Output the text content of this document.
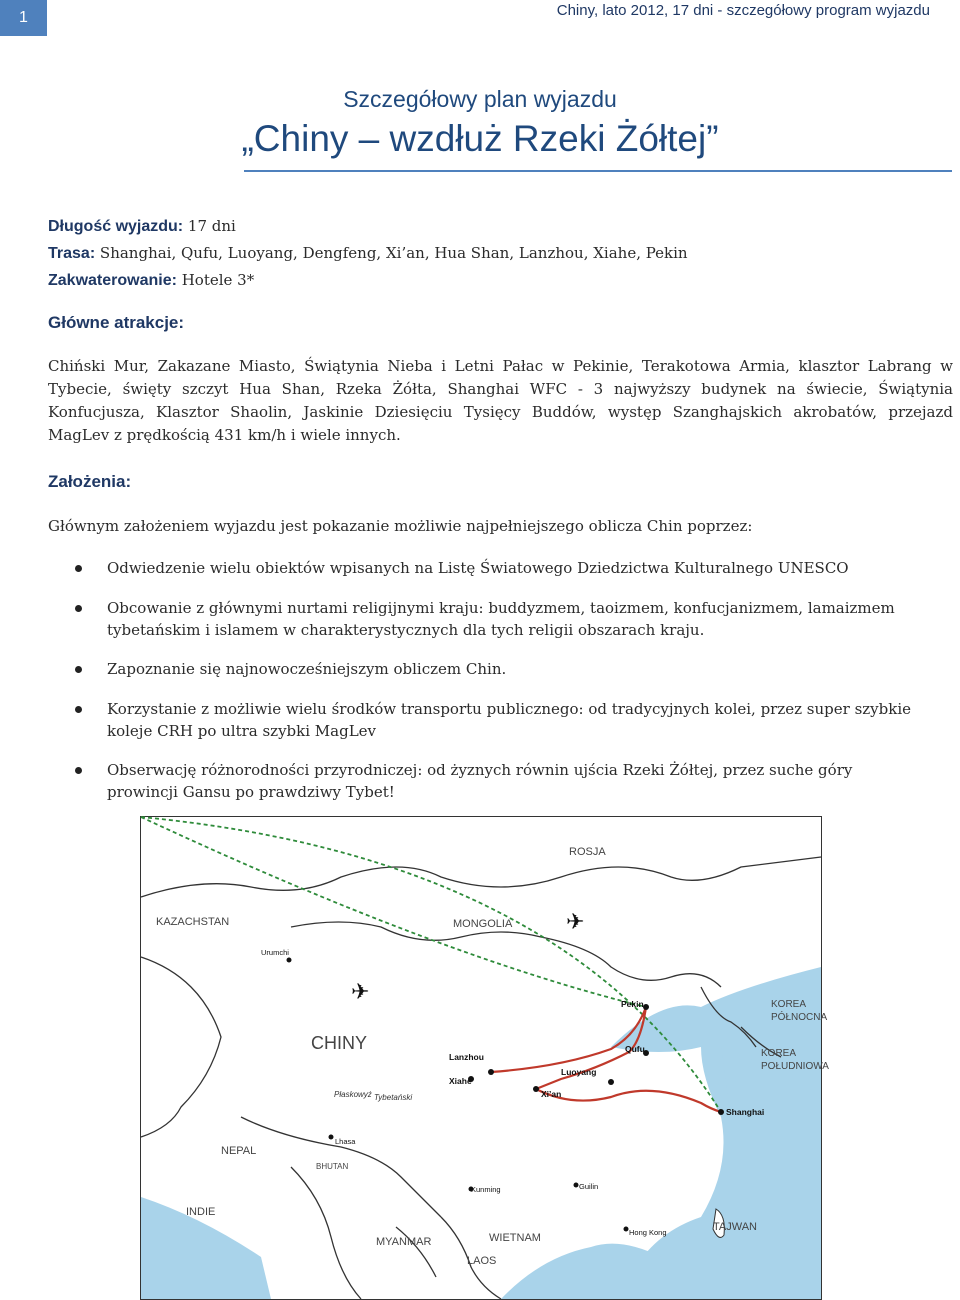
1	Chiny, lato 2012, 17 dni - szczegółowy program wyjazdu
Szczegółowy plan wyjazdu
„Chiny – wzdłuż Rzeki Żółtej”
Długość wyjazdu: 17 dni
Trasa: Shanghai, Qufu, Luoyang, Dengfeng, Xi’an, Hua Shan, Lanzhou, Xiahe, Pekin
Zakwaterowanie: Hotele 3*
Główne atrakcje:
Chiński Mur, Zakazane Miasto, Świątynia Nieba i Letni Pałac w Pekinie, Terakotowa Armia, klasztor Labrang w Tybecie, święty szczyt Hua Shan, Rzeka Żółta, Shanghai WFC - 3 najwyższy budynek na świecie, Świątynia Konfucjusza, Klasztor Shaolin, Jaskinie Dziesięciu Tysięcy Buddów, występ Szanghajskich akrobatów, przejazd MagLev z prędkością 431 km/h i wiele innych.
Założenia:
Głównym założeniem wyjazdu jest pokazanie możliwie najpełniejszego oblicza Chin poprzez:
Odwiedzenie wielu obiektów wpisanych na Listę Światowego Dziedzictwa Kulturalnego UNESCO
Obcowanie z głównymi nurtami religijnymi kraju: buddyzmem, taoizmem, konfucjanizmem, lamaizmem tybetańskim i islamem w charakterystycznych dla tych religii obszarach kraju.
Zapoznanie się najnowocześniejszym obliczem Chin.
Korzystanie z możliwie wielu środków transportu publicznego: od tradycyjnych kolei, przez super szybkie koleje CRH po ultra szybki MagLev
Obserwację różnorodności przyrodniczej: od żyznych równin ujścia Rzeki Żółtej, przez suche góry prowincji Gansu po prawdziwy Tybet!
✈
✈
ROSJA
KAZACHSTAN	MONGOLIA
CHINY
KOREA
PÓŁNOCNA
KOREA
POŁUDNIOWA
NEPAL
BHUTAN
INDIE
MYANMAR	WIETNAM
LAOS
TAJWAN
Płaskowyż Tybetański
Urumchi
Pekin
Lanzhou
Xiahe
Qufu
Luoyang
Xi’an
Shanghai
Lhasa
Kunming	Guilin
Hong Kong
